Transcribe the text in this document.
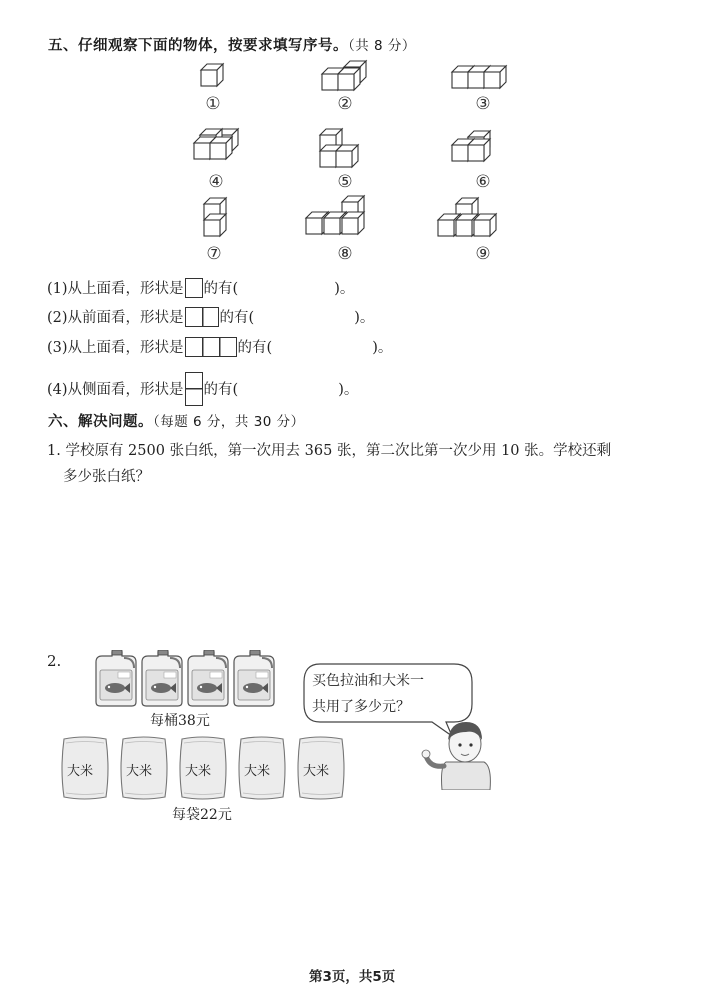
五、仔细观察下面的物体，按要求填写序号。（共 8 分）
①	②	③
④	⑤	⑥
⑦	⑧	⑨
(1)从上面看，形状是 的有(	)。
(2)从前面看，形状是 的有(	)。
(3)从上面看，形状是	的有(	)。
(4)从侧面看，形状是 的有(	)。
六、解决问题。（每题 6 分，共 30 分）
1. 学校原有 2500 张白纸，第一次用去 365 张，第二次比第一次少用 10 张。学校还剩
多少张白纸？
2.
每桶38元
大米	大米	大米	大米	大米
每袋22元
买色拉油和大米一
共用了多少元？
第3页，共5页
